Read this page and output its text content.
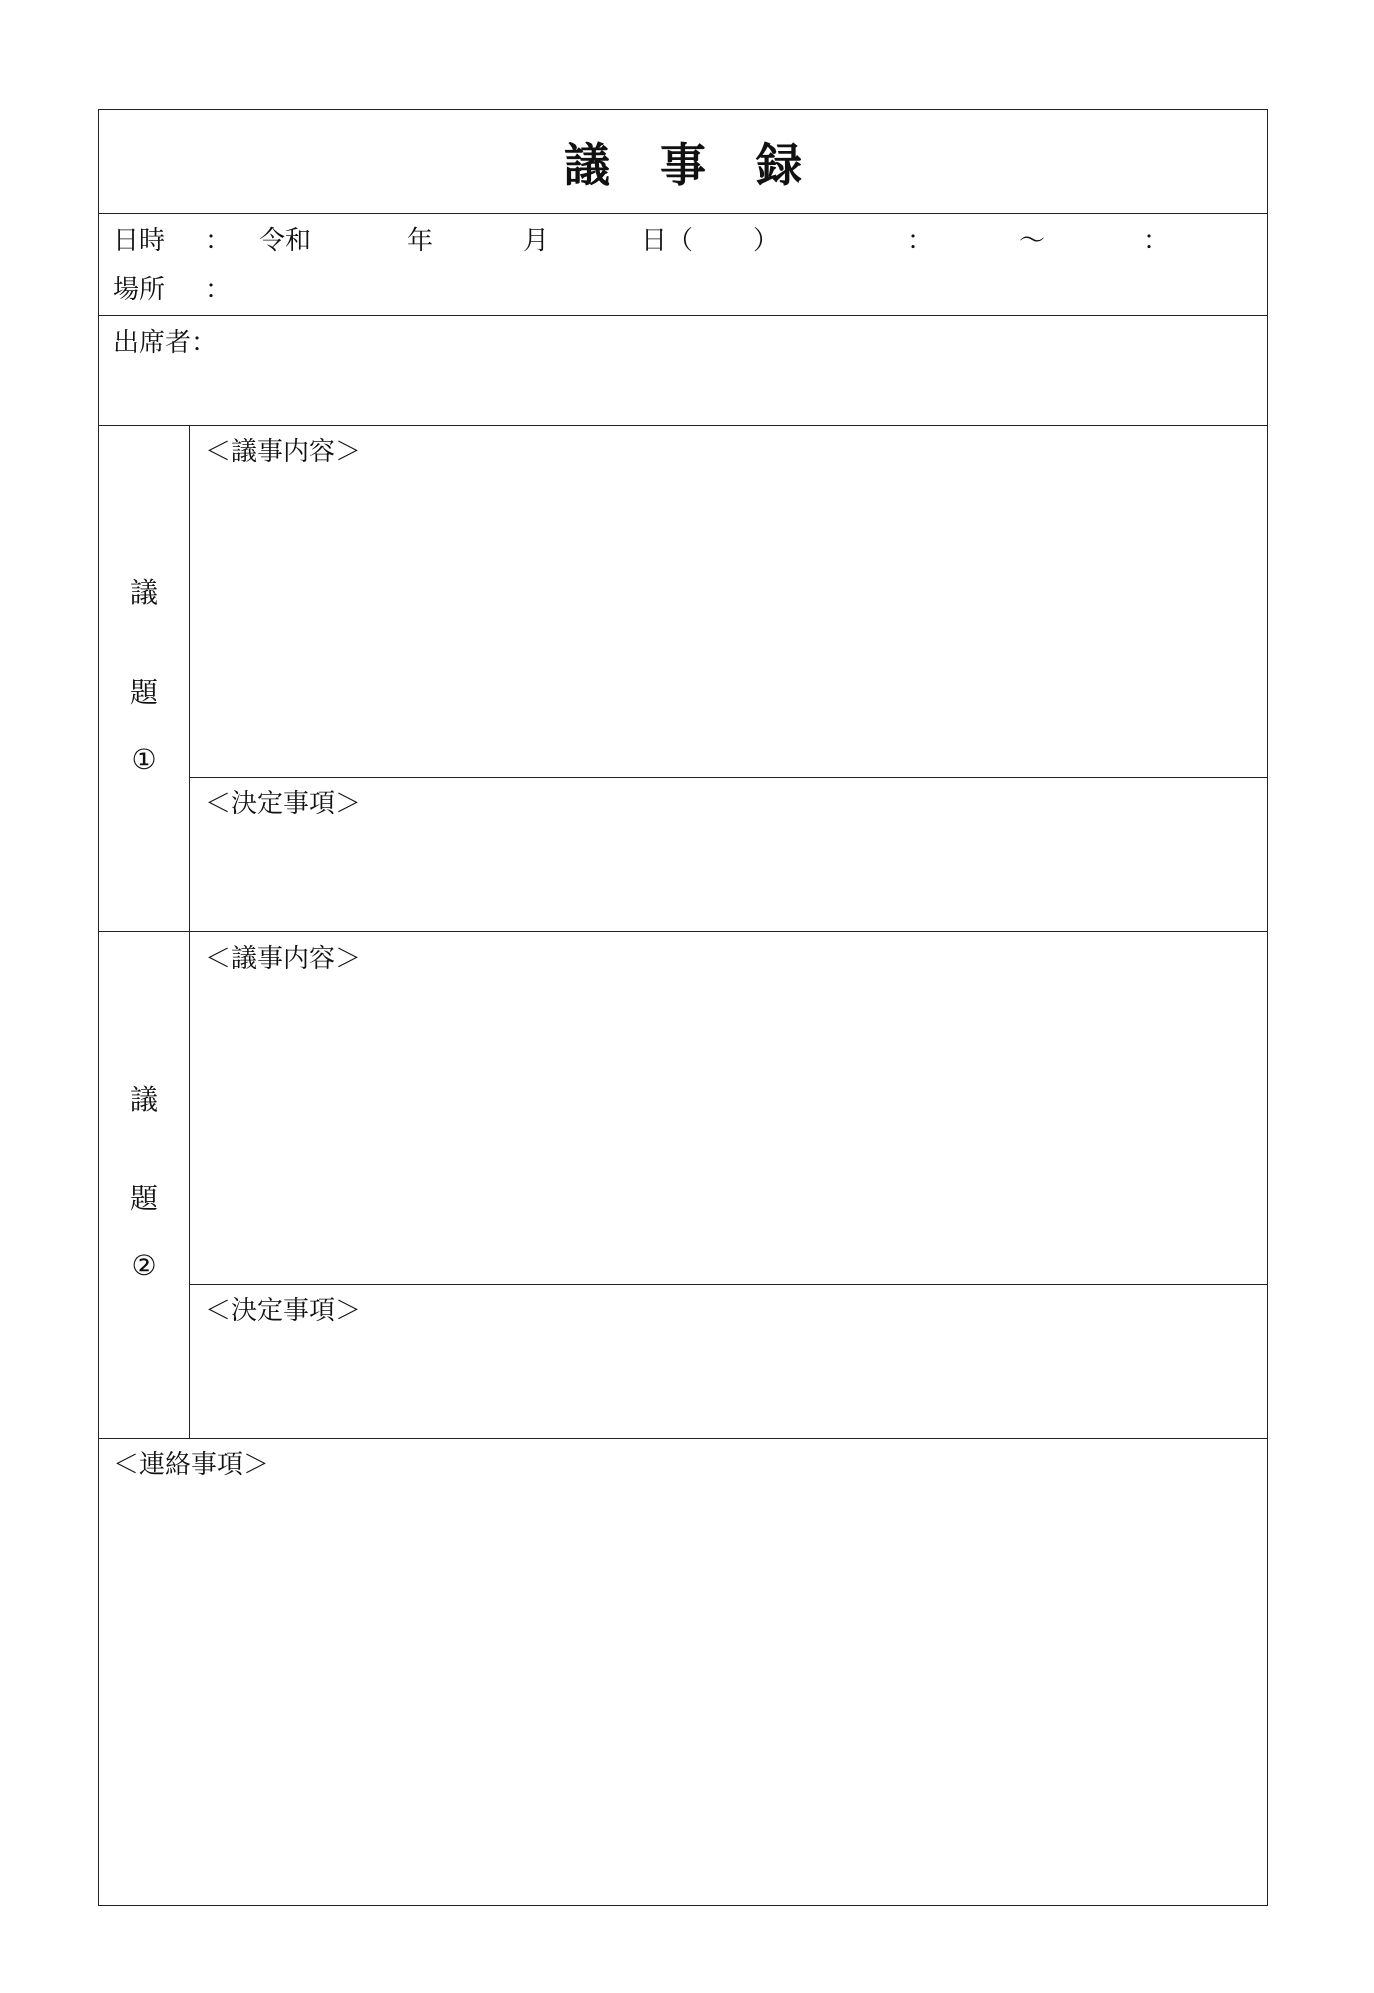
議 事 録
日時 ： 令和	年	月	日（ ）	：	〜	：
場所 ：
出席者：
議
題
①
＜議事内容＞
＜決定事項＞
議
題
②
＜議事内容＞
＜決定事項＞
＜連絡事項＞
